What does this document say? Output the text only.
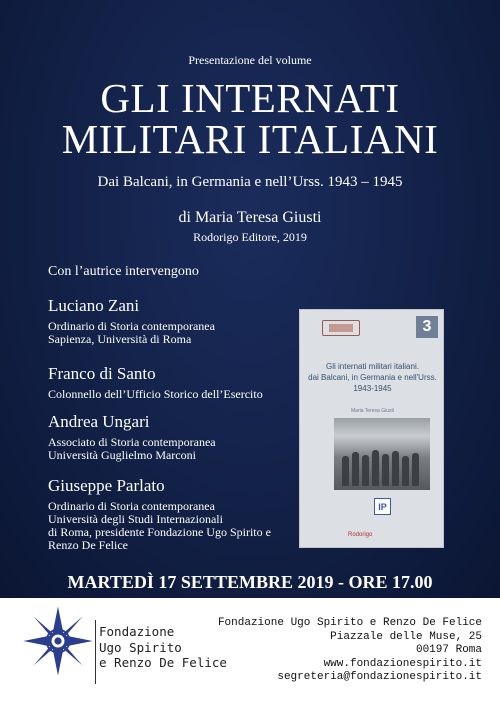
Presentazione del volume
GLI INTERNATI
MILITARI ITALIANI
Dai Balcani, in Germania e nell’Urss. 1943 – 1945
di Maria Teresa Giusti
Rodorigo Editore, 2019
Con l’autrice intervengono
Luciano Zani
Ordinario di Storia contemporanea
Sapienza, Università di Roma
Franco di Santo
Colonnello dell’Ufficio Storico dell’Esercito
Andrea Ungari
Associato di Storia contemporanea
Università Guglielmo Marconi
Giuseppe Parlato
Ordinario di Storia contemporanea
Università degli Studi Internazionali
di Roma, presidente Fondazione Ugo Spirito e
Renzo De Felice
3
Gli internati militari italiani.
dai Balcani, in Germania e nell'Urss.
1943-1945
Maria Teresa Giusti
IP
Rodorigo
MARTEDÌ 17 SETTEMBRE 2019 - ORE 17.00
Fondazione
Ugo Spirito
e Renzo De Felice
Fondazione Ugo Spirito e Renzo De Felice
Piazzale delle Muse, 25
00197 Roma
www.fondazionespirito.it
segreteria@fondazionespirito.it
